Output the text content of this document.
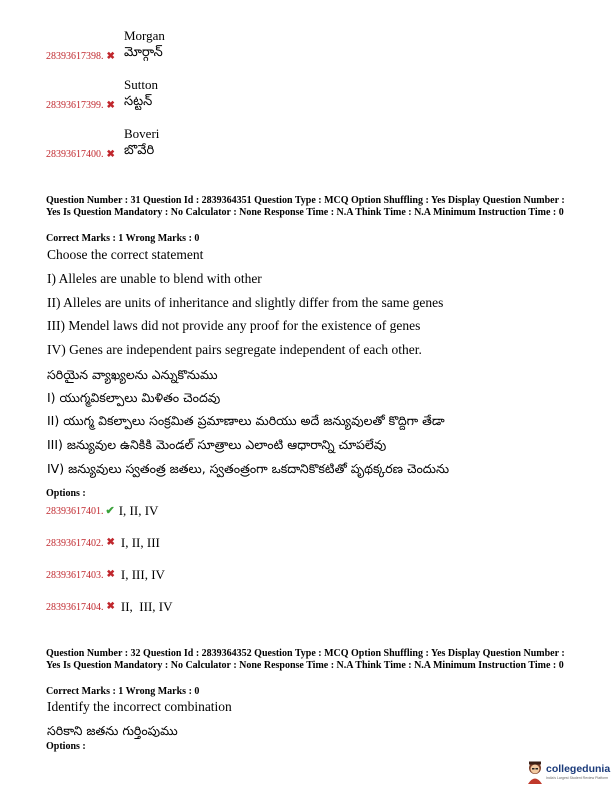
Morgan
మోర్గాన్
28393617398. ✖
Sutton
సట్టన్
28393617399. ✖
Boveri
బొవేరి
28393617400. ✖
Question Number : 31 Question Id : 2839364351 Question Type : MCQ Option Shuffling : Yes Display Question Number : Yes Is Question Mandatory : No Calculator : None Response Time : N.A Think Time : N.A Minimum Instruction Time : 0
Correct Marks : 1 Wrong Marks : 0
Choose the correct statement
I) Alleles are unable to blend with other
II) Alleles are units of inheritance and slightly differ from the same genes
III) Mendel laws did not provide any proof for the existence of genes
IV) Genes are independent pairs segregate independent of each other.
సరియైన వ్యాఖ్యలను ఎన్నుకొనుము
I) యుగ్మవికల్పాలు మిళితం చెందవు
II) యుగ్మ వికల్పాలు సంక్రమిత ప్రమాణాలు మరియు అదే జన్యువులతో కొద్దిగా తేడా
III) జన్యువుల ఉనికికి మెండల్ సూత్రాలు ఎలాంటి ఆధారాన్ని చూపలేవు
IV) జన్యువులు స్వతంత్ర జతలు, స్వతంత్రంగా ఒకదానికొకటితో పృథక్కరణ చెందును
Options :
28393617401. ✔ I, II, IV
28393617402. ✖ I, II, III
28393617403. ✖ I, III, IV
28393617404. ✖ II,  III, IV
Question Number : 32 Question Id : 2839364352 Question Type : MCQ Option Shuffling : Yes Display Question Number : Yes Is Question Mandatory : No Calculator : None Response Time : N.A Think Time : N.A Minimum Instruction Time : 0
Correct Marks : 1 Wrong Marks : 0
Identify the incorrect combination
సరికాని జతను గుర్తింపుము
Options :
collegedunia
India's Largest Student Review Platform
